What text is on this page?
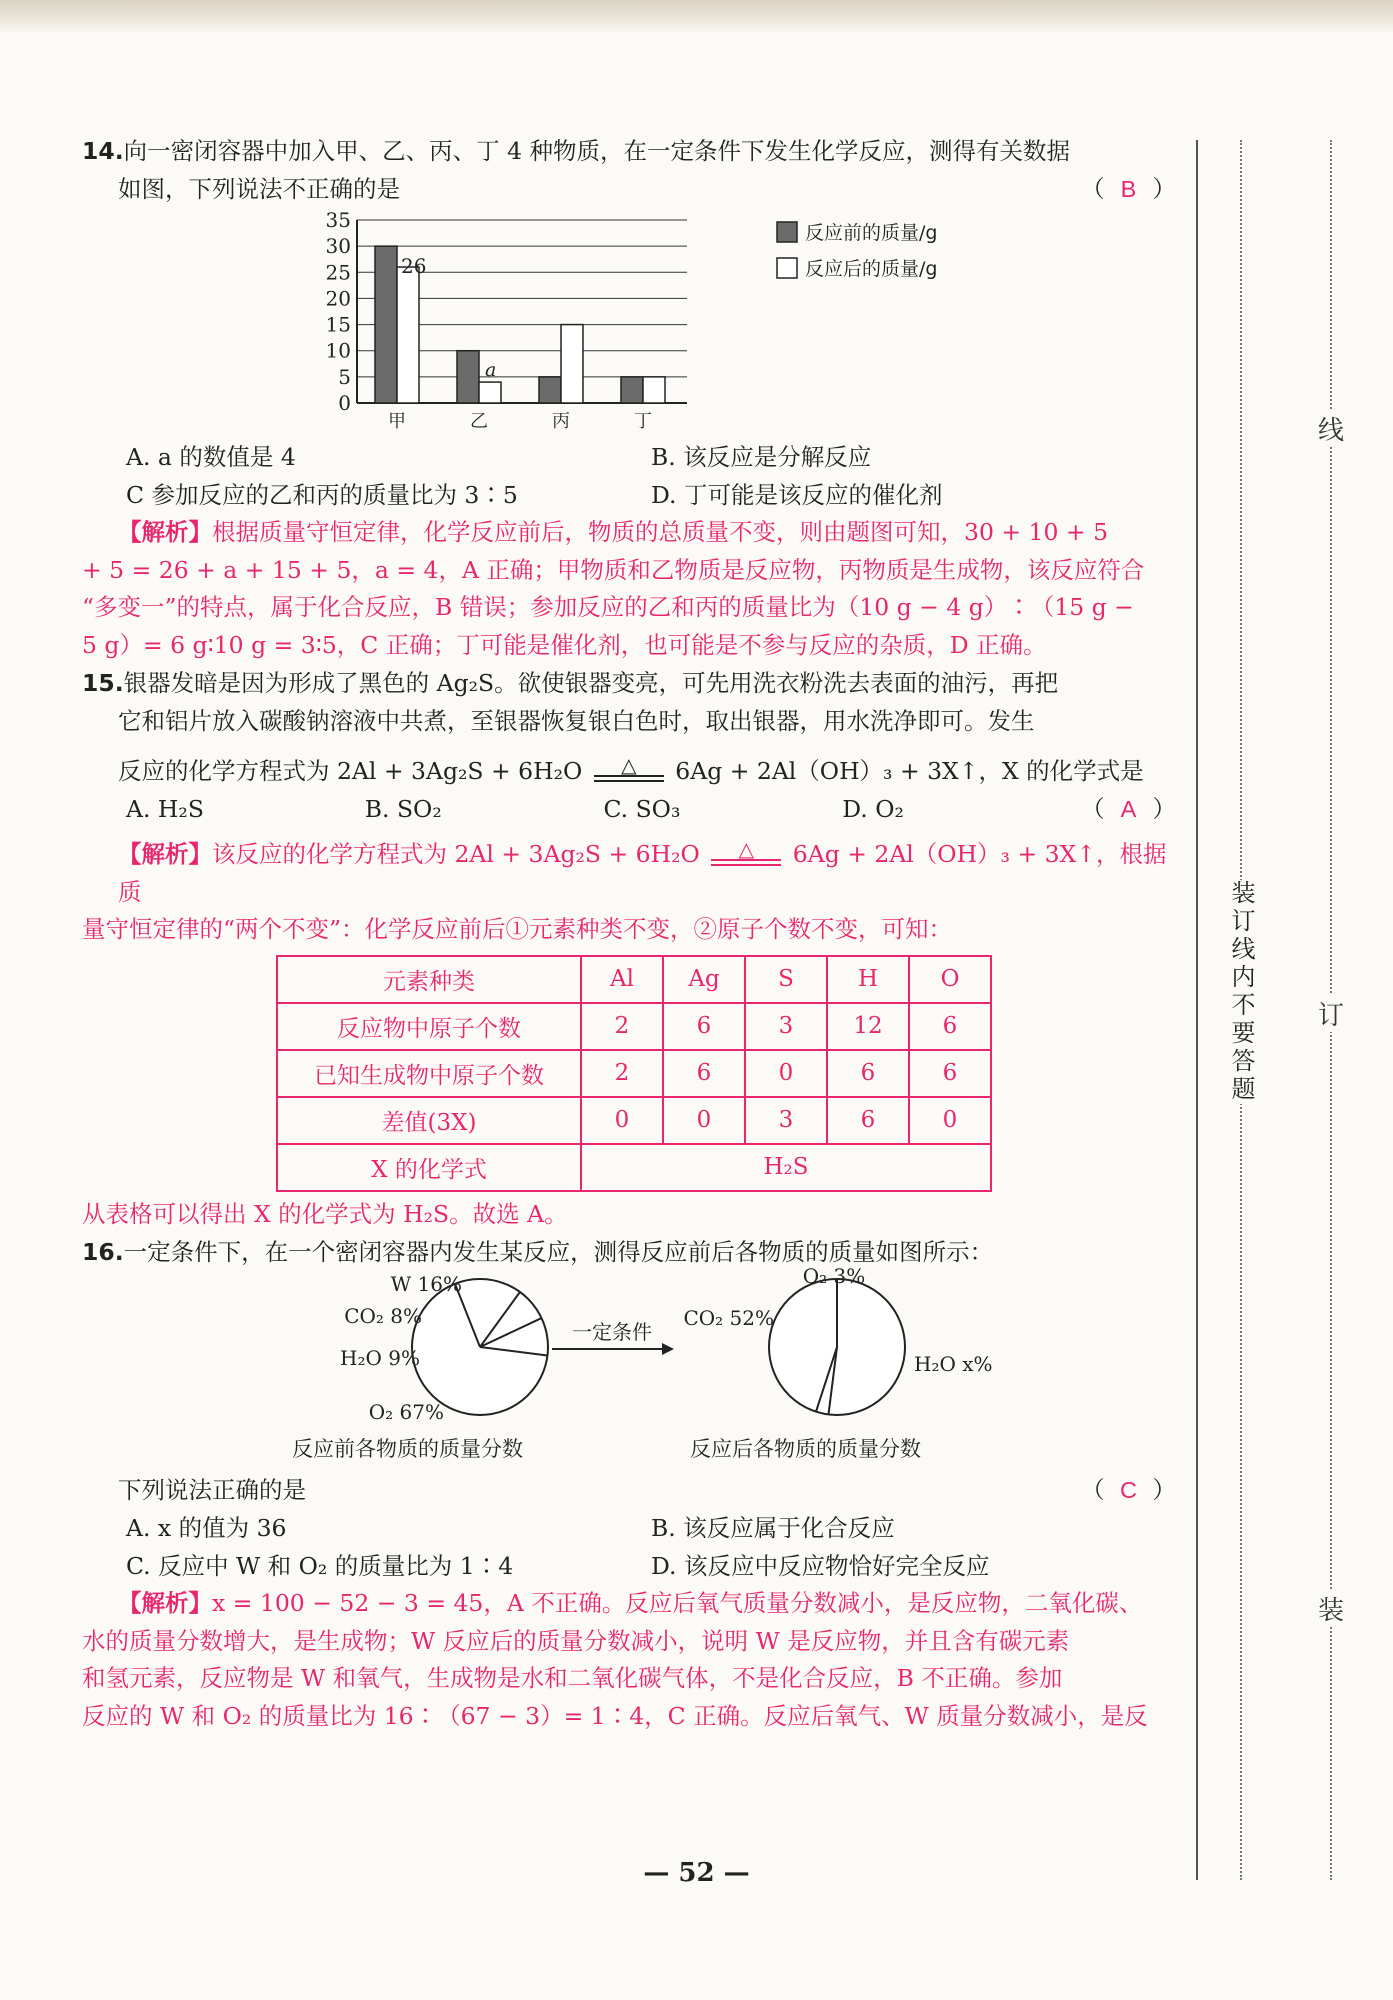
线
订
装
装订线内不要答题
14.向一密闭容器中加入甲、乙、丙、丁 4 种物质，在一定条件下发生化学反应，测得有关数据
如图，下列说法不正确的是	（ B ）
0
5
10
15
20
25
30
35
甲	乙	丙	丁
26
a
反应前的质量/g
反应后的质量/g
A. a 的数值是 4	B. 该反应是分解反应
C 参加反应的乙和丙的质量比为 3∶5	D. 丁可能是该反应的催化剂
【解析】根据质量守恒定律，化学反应前后，物质的总质量不变，则由题图可知，30 + 10 + 5
+ 5 = 26 + a + 15 + 5，a = 4，A 正确；甲物质和乙物质是反应物，丙物质是生成物，该反应符合
“多变一”的特点，属于化合反应，B 错误；参加反应的乙和丙的质量比为（10 g − 4 g）∶（15 g −
5 g）= 6 g∶10 g = 3∶5，C 正确；丁可能是催化剂，也可能是不参与反应的杂质，D 正确。
15.银器发暗是因为形成了黑色的 Ag₂S。欲使银器变亮，可先用洗衣粉洗去表面的油污，再把
它和铝片放入碳酸钠溶液中共煮，至银器恢复银白色时，取出银器，用水洗净即可。发生

反应的化学方程式为 2Al + 3Ag₂S + 6H₂O △ 6Ag + 2Al（OH）₃ + 3X↑，X 的化学式是
（ A ）
A. H₂S	B. SO₂	C. SO₃	D. O₂
【解析】该反应的化学方程式为 2Al + 3Ag₂S + 6H₂O △ 6Ag + 2Al（OH）₃ + 3X↑，根据质
量守恒定律的“两个不变”：化学反应前后①元素种类不变，②原子个数不变，可知：
元素种类	Al	Ag	S	H	O
反应物中原子个数	2	6	3	12	6
已知生成物中原子个数	2	6	0	6	6
差值(3X)	0	0	3	6	0
X 的化学式	H₂S				
从表格可以得出 X 的化学式为 H₂S。故选 A。
16.一定条件下，在一个密闭容器内发生某反应，测得反应前后各物质的质量如图所示：
W 16%
CO₂ 8%
H₂O 9%
O₂ 67%
CO₂ 52%
O₂ 3%
H₂O x%
一定条件
反应前各物质的质量分数	反应后各物质的质量分数
下列说法正确的是	（ C ）
A. x 的值为 36	B. 该反应属于化合反应
C. 反应中 W 和 O₂ 的质量比为 1∶4	D. 该反应中反应物恰好完全反应
【解析】x = 100 − 52 − 3 = 45，A 不正确。反应后氧气质量分数减小，是反应物，二氧化碳、
水的质量分数增大，是生成物；W 反应后的质量分数减小，说明 W 是反应物，并且含有碳元素
和氢元素，反应物是 W 和氧气，生成物是水和二氧化碳气体，不是化合反应，B 不正确。参加
反应的 W 和 O₂ 的质量比为 16∶（67 − 3）= 1∶4，C 正确。反应后氧气、W 质量分数减小，是反
— 52 —
